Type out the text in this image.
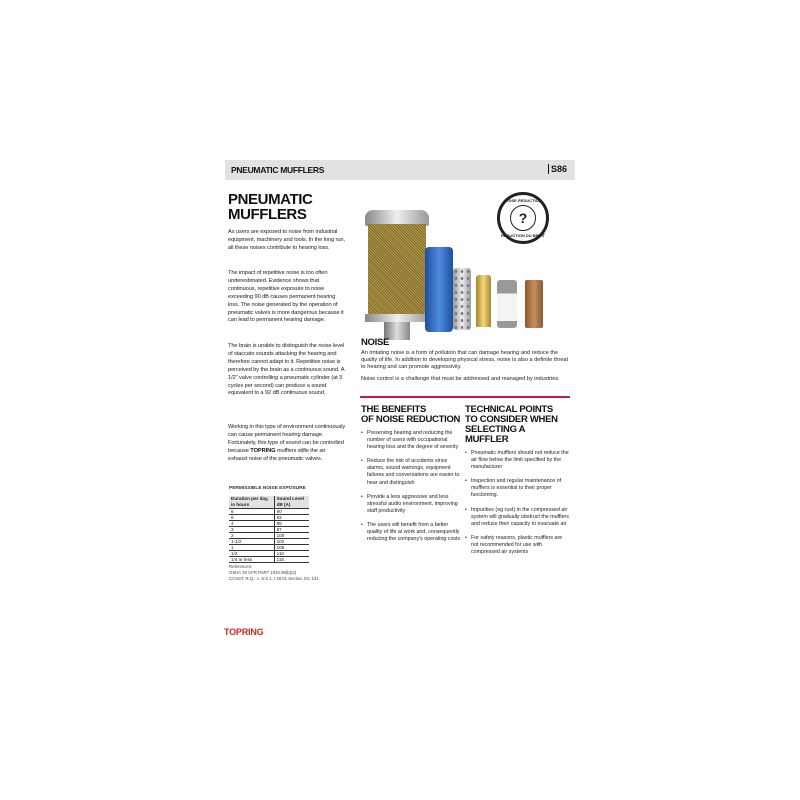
PNEUMATIC MUFFLERS	S86
PNEUMATIC
MUFFLERS

As users are exposed to noise from industrial equipment, machinery and tools. In the long run, all these noises contribute to hearing loss.

The impact of repetitive noise is too often underestimated. Evidence shows that continuous, repetitive exposure to noise exceeding 90 dB causes permanent hearing loss. The noise generated by the operation of pneumatic valves is more dangerous because it can lead to permanent hearing damage.

The brain is unable to distinguish the noise level of staccato sounds attacking the hearing and therefore cannot adapt to it. Repetitive noise is perceived by the brain as a continuous sound. A 1/2" valve controlling a pneumatic cylinder (at 3 cycles per second) can produce a sound equivalent to a 92 dB continuous sound.

Working in this type of environment continuously can cause permanent hearing damage. Fortunately, this type of sound can be controlled because TOPRING mufflers stifle the air exhaust noise of the pneumatic valves.

PERMISSIBLE NOISE EXPOSURE
Duration per day, in hours	Sound Level dB (A)
8	90
6	92
4	95
3	97
2	100
1-1/2	102
1	105
1/2	110
1/4 or less	115
References:
OSHA 29 CFR PART 1910.95(b)(2)
CCSST, R.Q., c. S-2.1, r.19.01 Section XV, 131.
NOISE REDUCTION
?
RÉDUCTION DU BRUIT
NOISE

An irritating noise is a form of pollution that can damage hearing and reduce the quality of life. In addition to developing physical stress, noise is also a definite threat to hearing and can promote aggressivity.

Noise control is a challenge that must be addressed and managed by industries.

THE BENEFITS
OF NOISE REDUCTION
• Preserving hearing and reducing the number of users with occupational hearing loss and the degree of severity
• Reduce the risk of accidents since alarms, sound warnings, equipment failures and conversations are easier to hear and distinguish
• Provide a less aggressive and less stressful audio environment, improving staff productivity
• The users will benefit from a better quality of life at work and, consequently reducing the company's operating costs
TECHNICAL POINTS
TO CONSIDER WHEN
SELECTING A MUFFLER
• Pneumatic mufflers should not reduce the air flow below the limit specified by the manufacturer
• Inspection and regular maintenance of mufflers is essential to their proper functioning.
• Impurities (eg rust) in the compressed air system will gradually obstruct the mufflers and reduce their capacity to evacuate air
• For safety reasons, plastic mufflers are not recommended for use with compressed air systems
TOPRING
